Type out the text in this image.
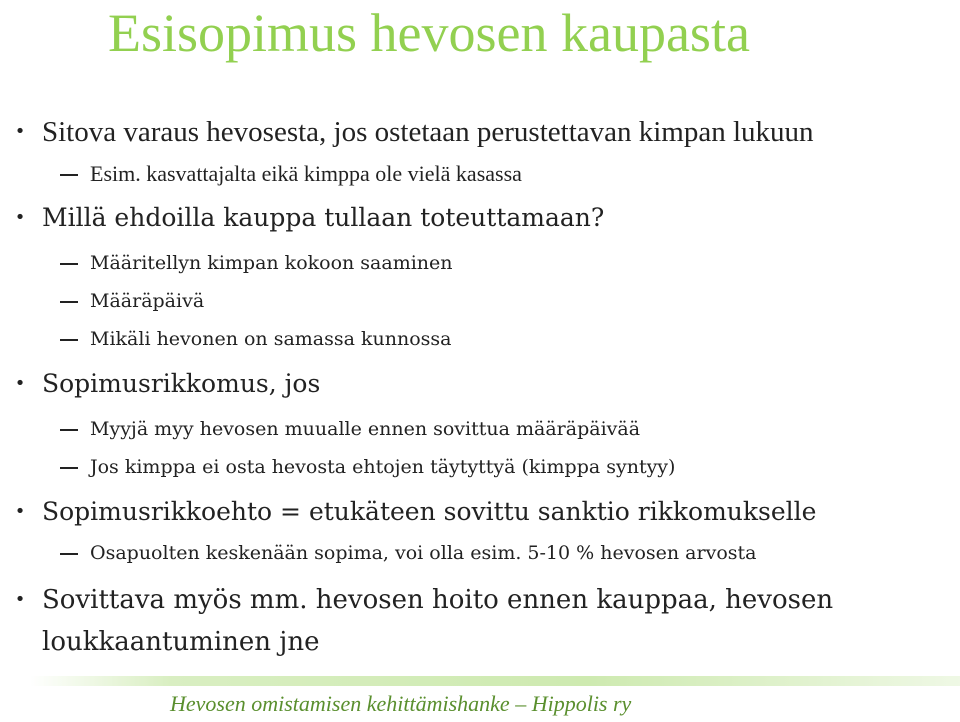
Esisopimus hevosen kaupasta
• Sitova varaus hevosesta, jos ostetaan perustettavan kimpan lukuun
Esim. kasvattajalta eikä kimppa ole vielä kasassa
• Millä ehdoilla kauppa tullaan toteuttamaan?
Määritellyn kimpan kokoon saaminen
Määräpäivä
Mikäli hevonen on samassa kunnossa
• Sopimusrikkomus, jos
Myyjä myy hevosen muualle ennen sovittua määräpäivää
Jos kimppa ei osta hevosta ehtojen täytyttyä (kimppa syntyy)
• Sopimusrikkoehto = etukäteen sovittu sanktio rikkomukselle
Osapuolten keskenään sopima, voi olla esim. 5-10 % hevosen arvosta
• Sovittava myös mm. hevosen hoito ennen kauppaa, hevosen loukkaantuminen jne
Hevosen omistamisen kehittämishanke – Hippolis ry
